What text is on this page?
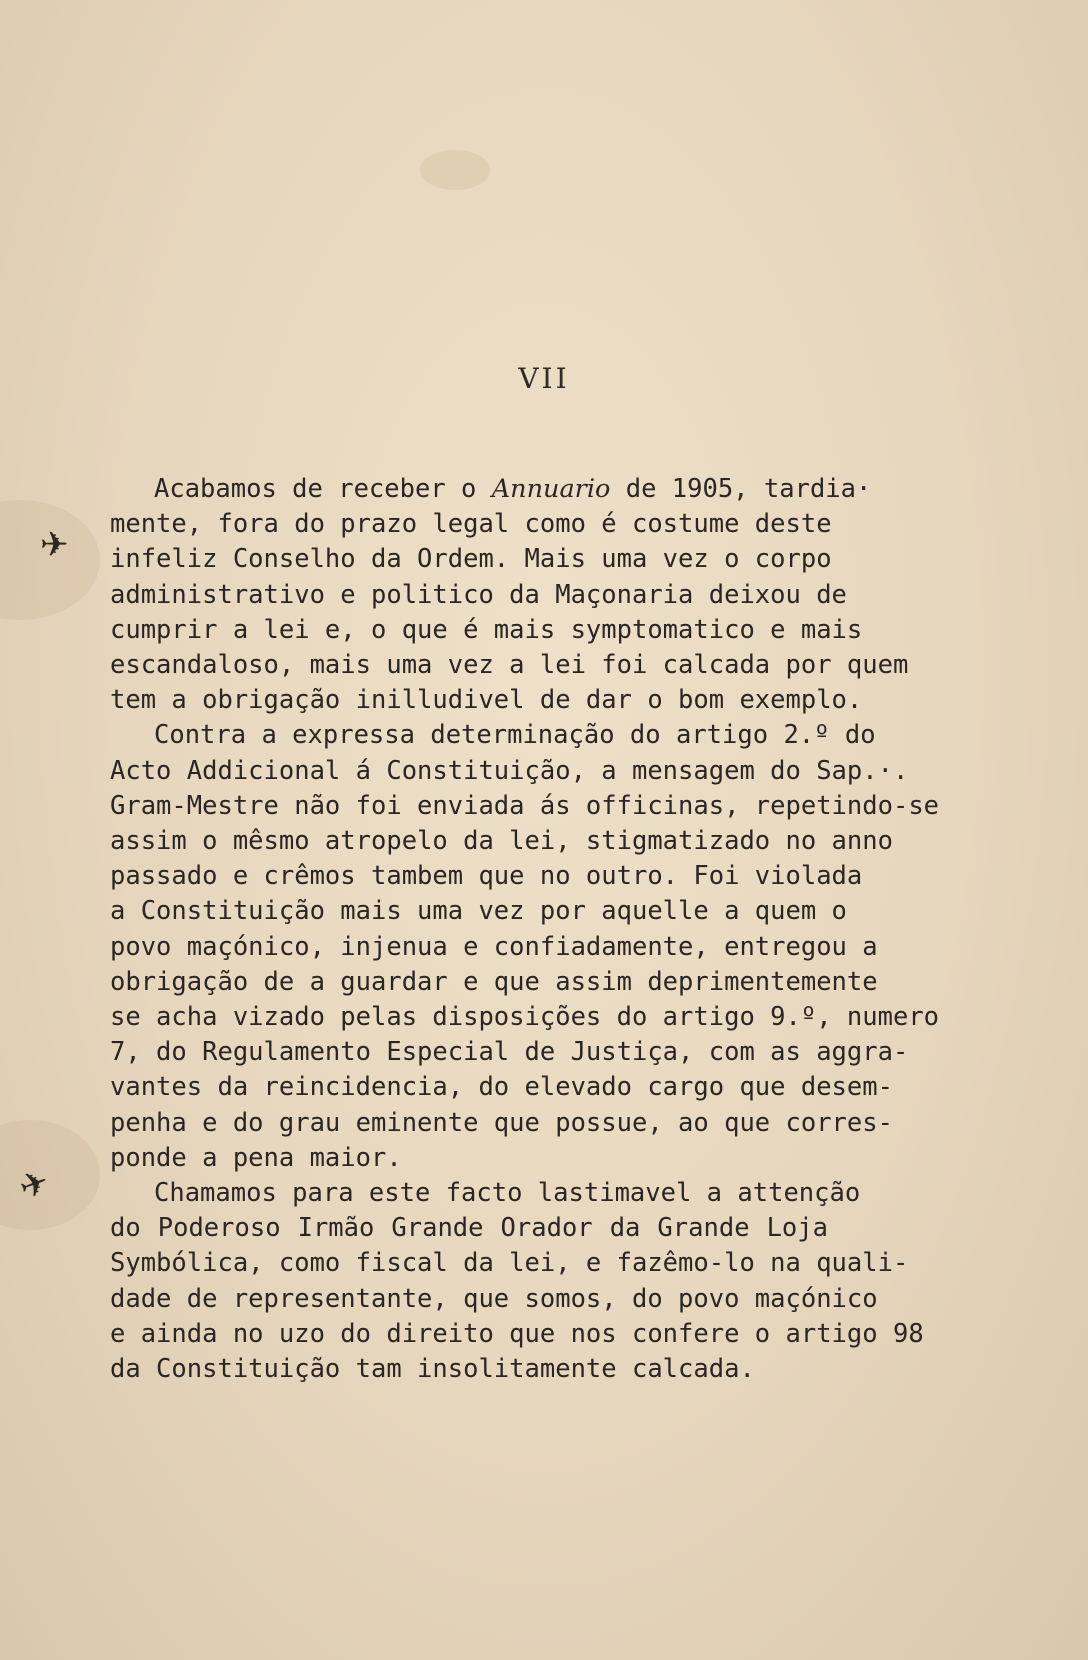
✈
✈
VII
Acabamos de receber o Annuario de 1905, tardia·
mente, fora do prazo legal como é costume deste
infeliz Conselho da Ordem. Mais uma vez o corpo
administrativo e politico da Maçonaria deixou de
cumprir a lei e, o que é mais symptomatico e mais
escandaloso, mais uma vez a lei foi calcada por quem
tem a obrigação inilludivel de dar o bom exemplo.
Contra a expressa determinação do artigo 2.º do
Acto Addicional á Constituição, a mensagem do Sap.·.
Gram-Mestre não foi enviada ás officinas, repetindo-se
assim o mêsmo atropelo da lei, stigmatizado no anno
passado e crêmos tambem que no outro. Foi violada
a Constituição mais uma vez por aquelle a quem o
povo maçónico, injenua e confiadamente, entregou a
obrigação de a guardar e que assim deprimentemente
se acha vizado pelas disposições do artigo 9.º, numero
7, do Regulamento Especial de Justiça, com as aggra-
vantes da reincidencia, do elevado cargo que desem-
penha e do grau eminente que possue, ao que corres-
ponde a pena maior.
Chamamos para este facto lastimavel a attenção
do Poderoso Irmão Grande Orador da Grande Loja
Symbólica, como fiscal da lei, e fazêmo-lo na quali-
dade de representante, que somos, do povo maçónico
e ainda no uzo do direito que nos confere o artigo 98
da Constituição tam insolitamente calcada.
